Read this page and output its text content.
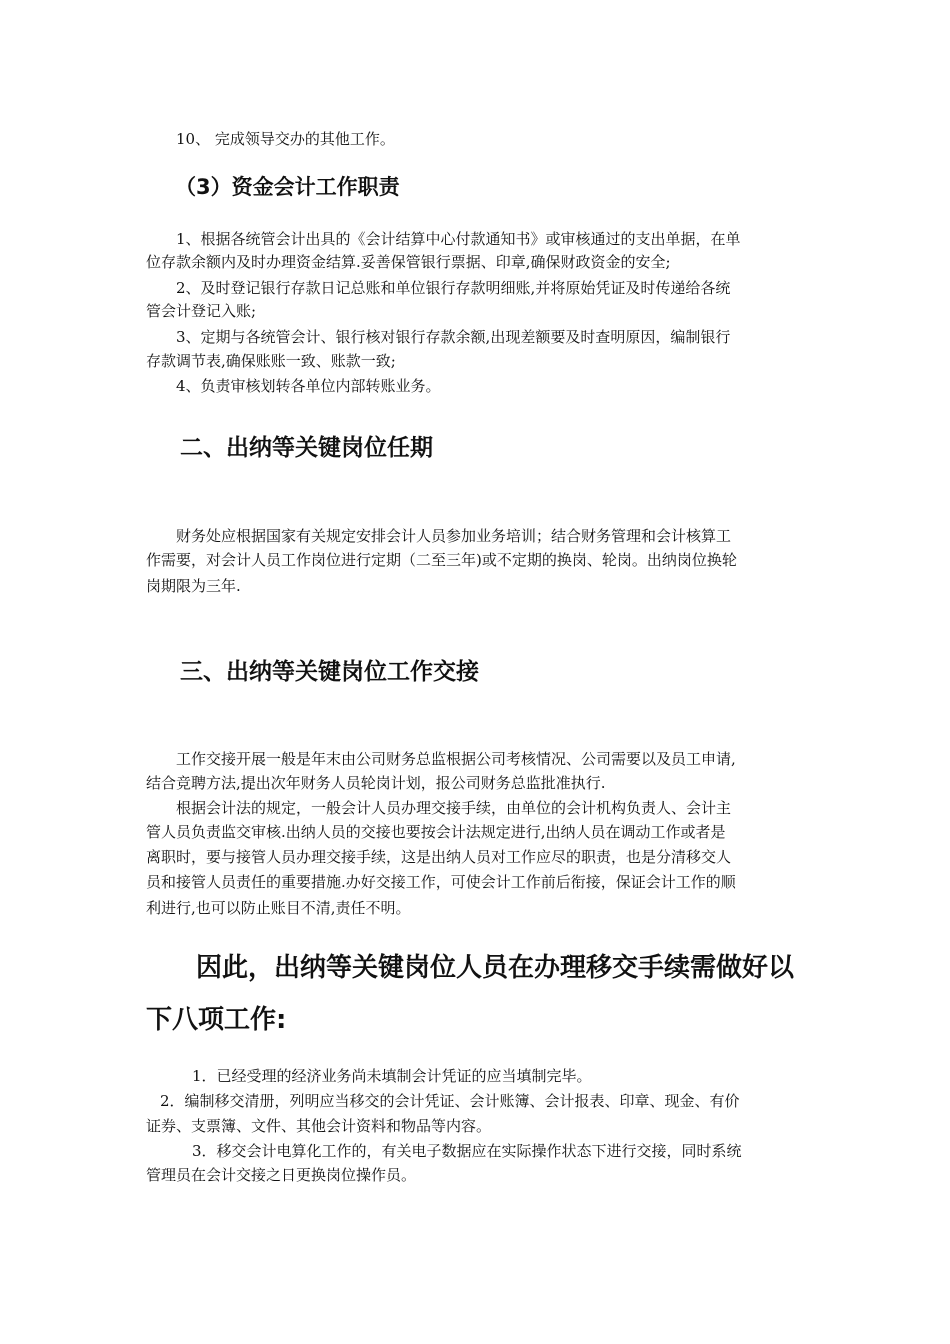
10、 完成领导交办的其他工作。
（3）资金会计工作职责
1、根据各统管会计出具的《会计结算中心付款通知书》或审核通过的支出单据，在单
位存款余额内及时办理资金结算.妥善保管银行票据、印章,确保财政资金的安全;
2、及时登记银行存款日记总账和单位银行存款明细账,并将原始凭证及时传递给各统
管会计登记入账;
3、定期与各统管会计、银行核对银行存款余额,出现差额要及时查明原因，编制银行
存款调节表,确保账账一致、账款一致;
4、负责审核划转各单位内部转账业务。
二、出纳等关键岗位任期
财务处应根据国家有关规定安排会计人员参加业务培训；结合财务管理和会计核算工
作需要，对会计人员工作岗位进行定期（二至三年)或不定期的换岗、轮岗。出纳岗位换轮
岗期限为三年.
三、出纳等关键岗位工作交接
工作交接开展一般是年末由公司财务总监根据公司考核情况、公司需要以及员工申请,
结合竞聘方法,提出次年财务人员轮岗计划，报公司财务总监批准执行.
根据会计法的规定，一般会计人员办理交接手续，由单位的会计机构负责人、会计主
管人员负责监交审核.出纳人员的交接也要按会计法规定进行,出纳人员在调动工作或者是
离职时，要与接管人员办理交接手续，这是出纳人员对工作应尽的职责，也是分清移交人
员和接管人员责任的重要措施.办好交接工作，可使会计工作前后衔接，保证会计工作的顺
利进行,也可以防止账目不清,责任不明。
因此，出纳等关键岗位人员在办理移交手续需做好以
下八项工作:
1．已经受理的经济业务尚未填制会计凭证的应当填制完毕。
2．编制移交清册，列明应当移交的会计凭证、会计账簿、会计报表、印章、现金、有价
证券、支票簿、文件、其他会计资料和物品等内容。
3．移交会计电算化工作的，有关电子数据应在实际操作状态下进行交接，同时系统
管理员在会计交接之日更换岗位操作员。
